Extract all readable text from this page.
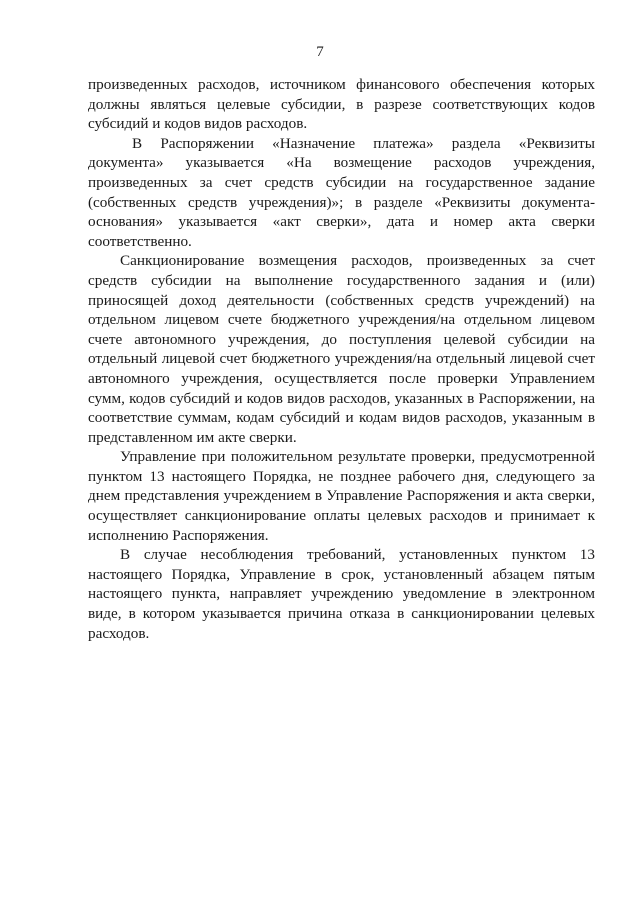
7

произведенных расходов, источником финансового обеспечения которых должны являться целевые субсидии, в разрезе соответствующих кодов субсидий и кодов видов расходов.

В Распоряжении «Назначение платежа» раздела «Реквизиты документа» указывается «На возмещение расходов учреждения, произведенных за счет средств субсидии на государственное задание (собственных средств учреждения)»; в разделе «Реквизиты документа-основания» указывается «акт сверки», дата и номер акта сверки соответственно.

Санкционирование возмещения расходов, произведенных за счет средств субсидии на выполнение государственного задания и (или) приносящей доход деятельности (собственных средств учреждений) на отдельном лицевом счете бюджетного учреждения/на отдельном лицевом счете автономного учреждения, до поступления целевой субсидии на отдельный лицевой счет бюджетного учреждения/на отдельный лицевой счет автономного учреждения, осуществляется после проверки Управлением сумм, кодов субсидий и кодов видов расходов, указанных в Распоряжении, на соответствие суммам, кодам субсидий и кодам видов расходов, указанным в представленном им акте сверки.

Управление при положительном результате проверки, предусмотренной пунктом 13 настоящего Порядка, не позднее рабочего дня, следующего за днем представления учреждением в Управление Распоряжения и акта сверки, осуществляет санкционирование оплаты целевых расходов и принимает к исполнению Распоряжения.

В случае несоблюдения требований, установленных пунктом 13 настоящего Порядка, Управление в срок, установленный абзацем пятым настоящего пункта, направляет учреждению уведомление в электронном виде, в котором указывается причина отказа в санкционировании целевых расходов.
